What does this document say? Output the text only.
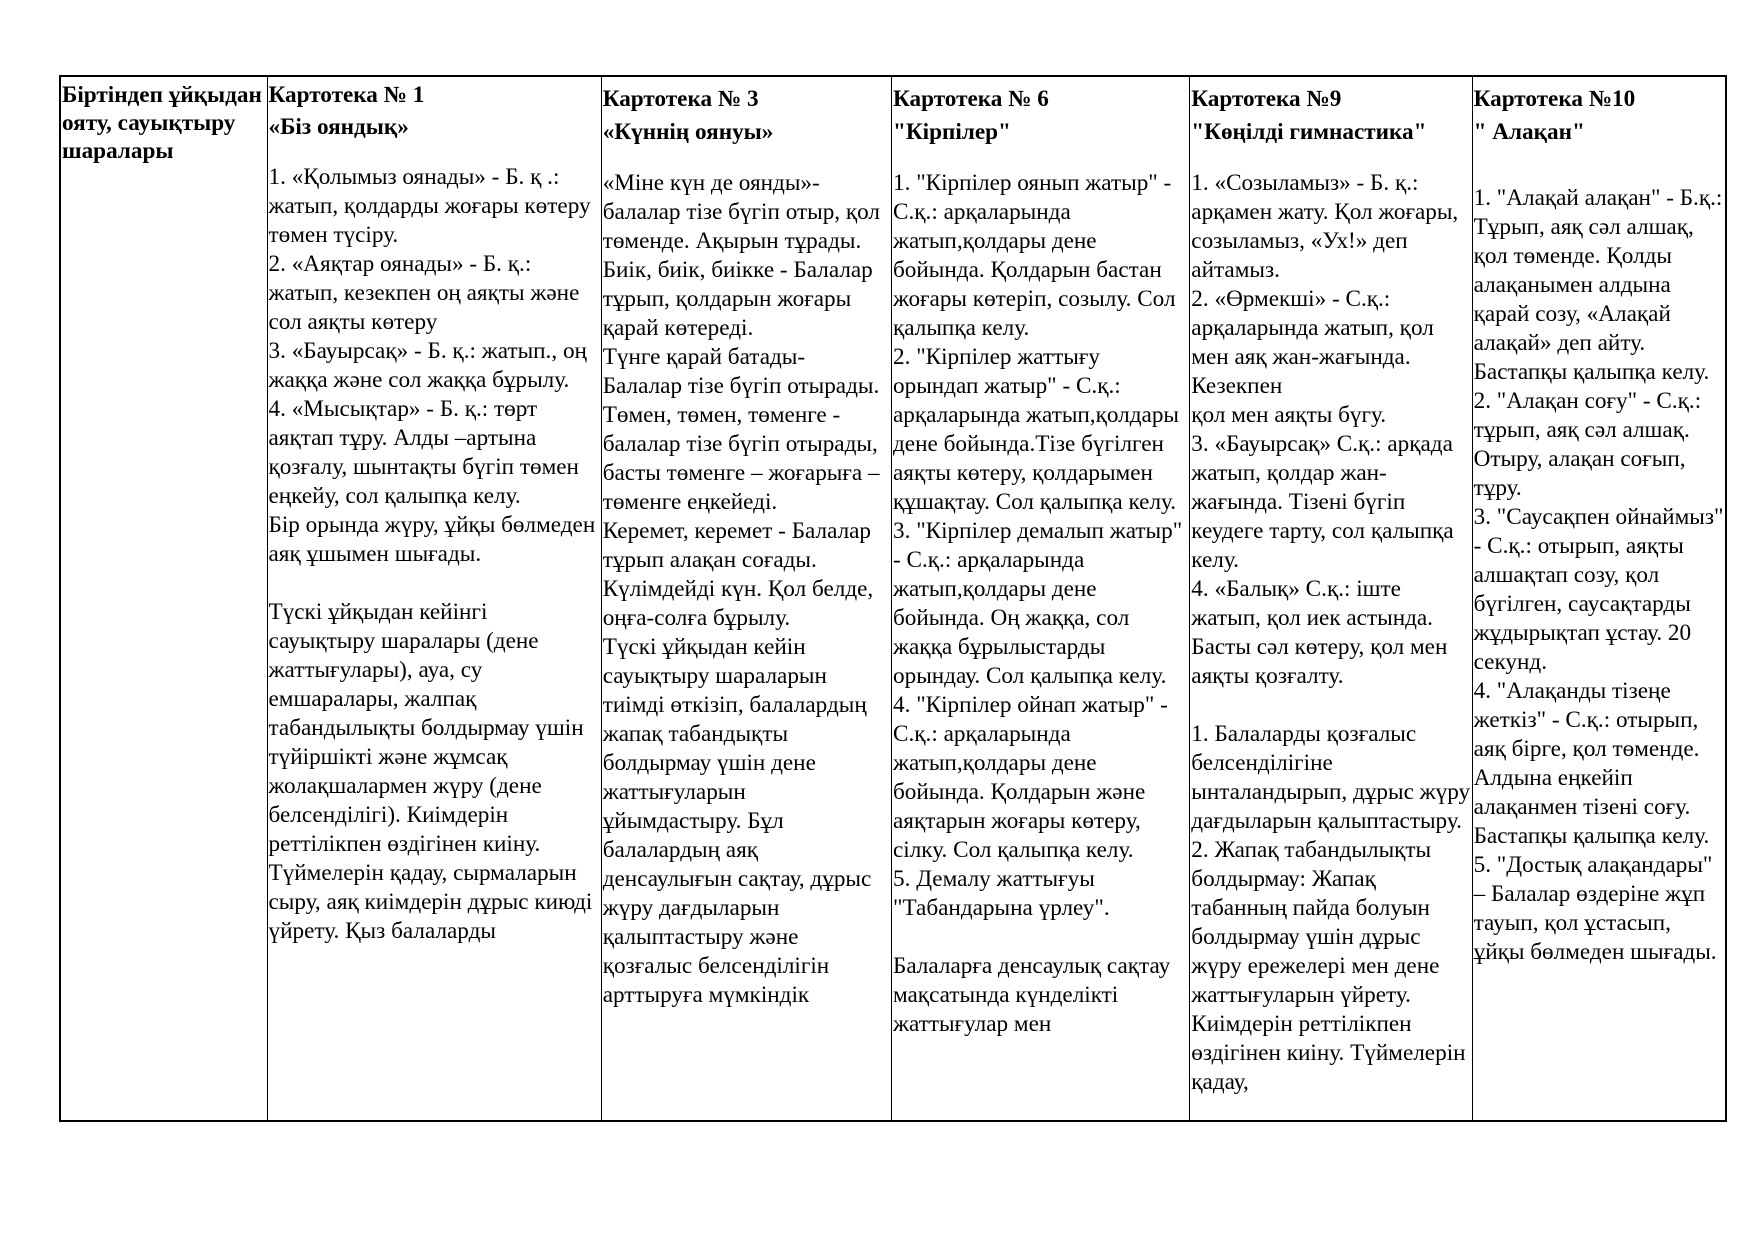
Біртіндеп ұйқыдан ояту, сауықтыру шаралары
Картотека № 1
«Біз ояндық»
1. «Қолымыз оянады» - Б. қ .: жатып, қолдарды жоғары көтеру төмен түсіру.
2. «Аяқтар оянады» - Б. қ.: жатып, кезекпен оң аяқты және сол аяқты көтеру
3. «Бауырсақ» - Б. қ.: жатып., оң жаққа және сол жаққа бұрылу.
4. «Мысықтар» - Б. қ.: төрт аяқтап тұру. Алды –артына қозғалу, шынтақты бүгіп төмен еңкейу, сол қалыпқа келу.
Бір орында жүру, ұйқы бөлмеден аяқ ұшымен шығады.

Түскі ұйқыдан кейінгі сауықтыру шаралары (дене жаттығулары), ауа, су емшаралары, жалпақ табандылықты болдырмау үшін түйіршікті және жұмсақ жолақшалармен жүру (дене белсенділігі). Киімдерін реттілікпен өздігінен киіну. Түймелерін қадау, сырмаларын сыру, аяқ киімдерін дұрыс киюді үйрету. Қыз балаларды
Картотека № 3
«Күннің оянуы»
«Міне күн де оянды»- балалар тізе бүгіп отыр, қол төменде. Ақырын тұрады.
Биік, биік, биікке - Балалар тұрып, қолдарын жоғары қарай көтереді.
Түнге қарай батады- Балалар тізе бүгіп отырады.
Төмен, төмен, төменге - балалар тізе бүгіп отырады, басты төменге – жоғарыға – төменге еңкейеді.
Керемет, керемет - Балалар тұрып алақан соғады.
Күлімдейді күн. Қол белде, оңға-солға бұрылу.
Түскі ұйқыдан кейін сауықтыру шараларын тиімді өткізіп, балалардың жапақ табандықты болдырмау үшін дене жаттығуларын ұйымдастыру. Бұл балалардың аяқ денсаулығын сақтау, дұрыс жүру дағдыларын қалыптастыру және қозғалыс белсенділігін арттыруға мүмкіндік
Картотека № 6
"Кірпілер"
1. "Кірпілер оянып жатыр" - С.қ.: арқаларында жатып,қолдары дене бойында. Қолдарын бастан жоғары көтеріп, созылу. Сол қалыпқа келу.
2. "Кірпілер жаттығу орындап жатыр" - С.қ.: арқаларында жатып,қолдары дене бойында.Тізе бүгілген аяқты көтеру, қолдарымен құшақтау. Сол қалыпқа келу.
3. "Кірпілер демалып жатыр" - С.қ.: арқаларында жатып,қолдары дене бойында. Оң жаққа, сол жаққа бұрылыстарды орындау. Сол қалыпқа келу.
4. "Кірпілер ойнап жатыр" - С.қ.: арқаларында жатып,қолдары дене бойында. Қолдарын және аяқтарын жоғары көтеру, сілку. Сол қалыпқа келу.
5. Демалу жаттығуы "Табандарына үрлеу".

Балаларға денсаулық сақтау мақсатында күнделікті жаттығулар мен
Картотека №9
"Көңілді гимнастика"
1. «Созыламыз» - Б. қ.: арқамен жату. Қол жоғары, созыламыз, «Ух!» деп айтамыз.
2. «Өрмекші» - С.қ.: арқаларында жатып, қол мен аяқ жан-жағында. Кезекпен
қол мен аяқты бүгу.
3. «Бауырсақ» С.қ.: арқада жатып, қолдар жан-жағында. Тізені бүгіп кеудеге тарту, сол қалыпқа келу.
4. «Балық» С.қ.: іште жатып, қол иек астында. Басты сәл көтеру, қол мен аяқты қозғалту.

1. Балаларды қозғалыс белсенділігіне ынталандырып, дұрыс жүру дағдыларын қалыптастыру.
2. Жапақ табандылықты болдырмау: Жапақ табанның пайда болуын болдырмау үшін дұрыс жүру ережелері мен дене жаттығуларын үйрету. Киімдерін реттілікпен өздігінен киіну. Түймелерін қадау,
Картотека №10
" Алақан"
1. "Алақай алақан" - Б.қ.: Тұрып, аяқ сәл алшақ, қол төменде. Қолды алақанымен алдына қарай созу, «Алақай алақай» деп айту. Бастапқы қалыпқа келу.
2. "Алақан соғу" - С.қ.: тұрып, аяқ сәл алшақ. Отыру, алақан соғып, тұру.
3. "Саусақпен ойнаймыз" - С.қ.: отырып, аяқты алшақтап созу, қол бүгілген, саусақтарды жұдырықтап ұстау. 20 секунд.
4. "Алақанды тізеңе жеткіз" - С.қ.: отырып, аяқ бірге, қол төменде. Алдына еңкейіп алақанмен тізені соғу. Бастапқы қалыпқа келу.
5. "Достық алақандары" – Балалар өздеріне жұп тауып, қол ұстасып, ұйқы бөлмеден шығады.
